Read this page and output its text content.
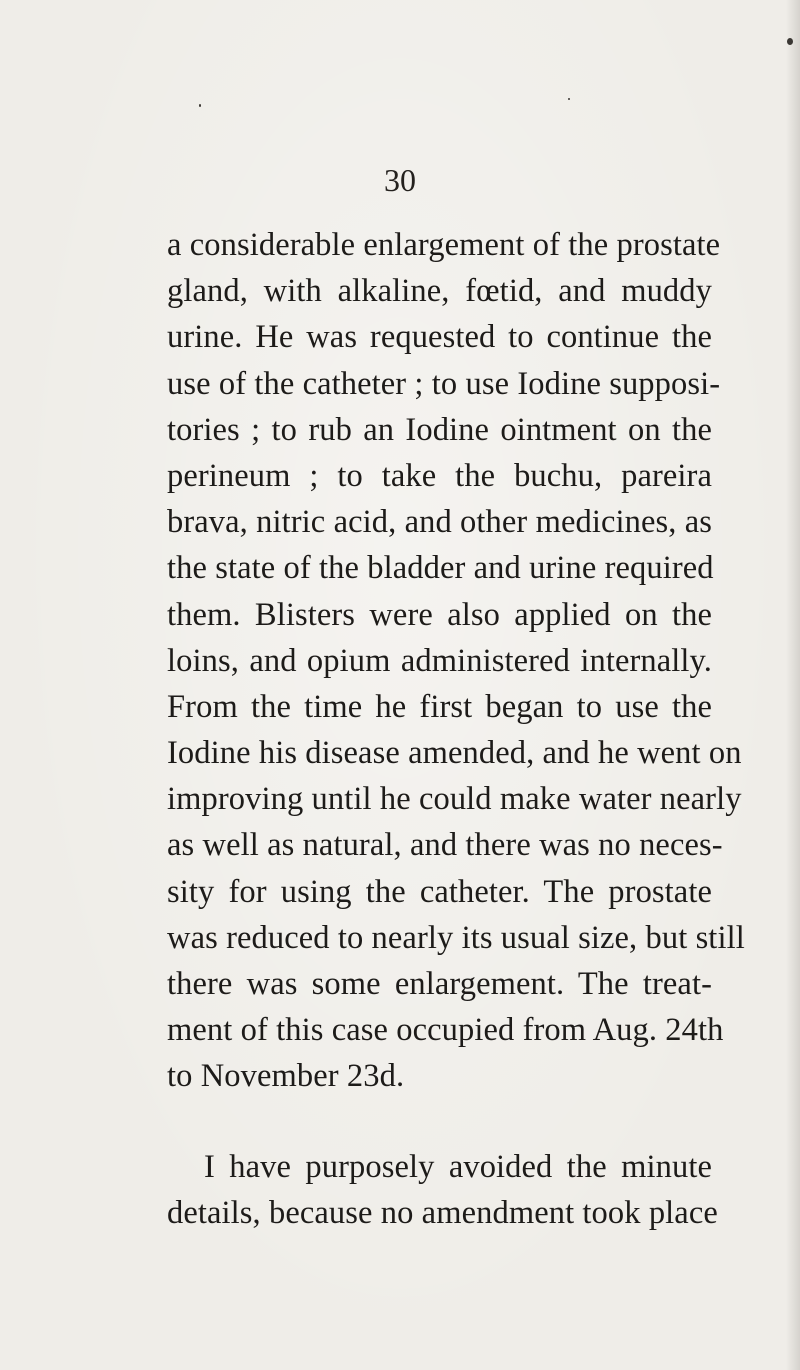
30
a considerable enlargement of the prostate
gland, with alkaline, fœtid, and muddy
urine. He was requested to continue the
use of the catheter ; to use Iodine supposi-
tories ; to rub an Iodine ointment on the
perineum ; to take the buchu, pareira
brava, nitric acid, and other medicines, as
the state of the bladder and urine required
them. Blisters were also applied on the
loins, and opium administered internally.
From the time he first began to use the
Iodine his disease amended, and he went on
improving until he could make water nearly
as well as natural, and there was no neces-
sity for using the catheter. The prostate
was reduced to nearly its usual size, but still
there was some enlargement. The treat-
ment of this case occupied from Aug. 24th
to November 23d.
I have purposely avoided the minute
details, because no amendment took place
